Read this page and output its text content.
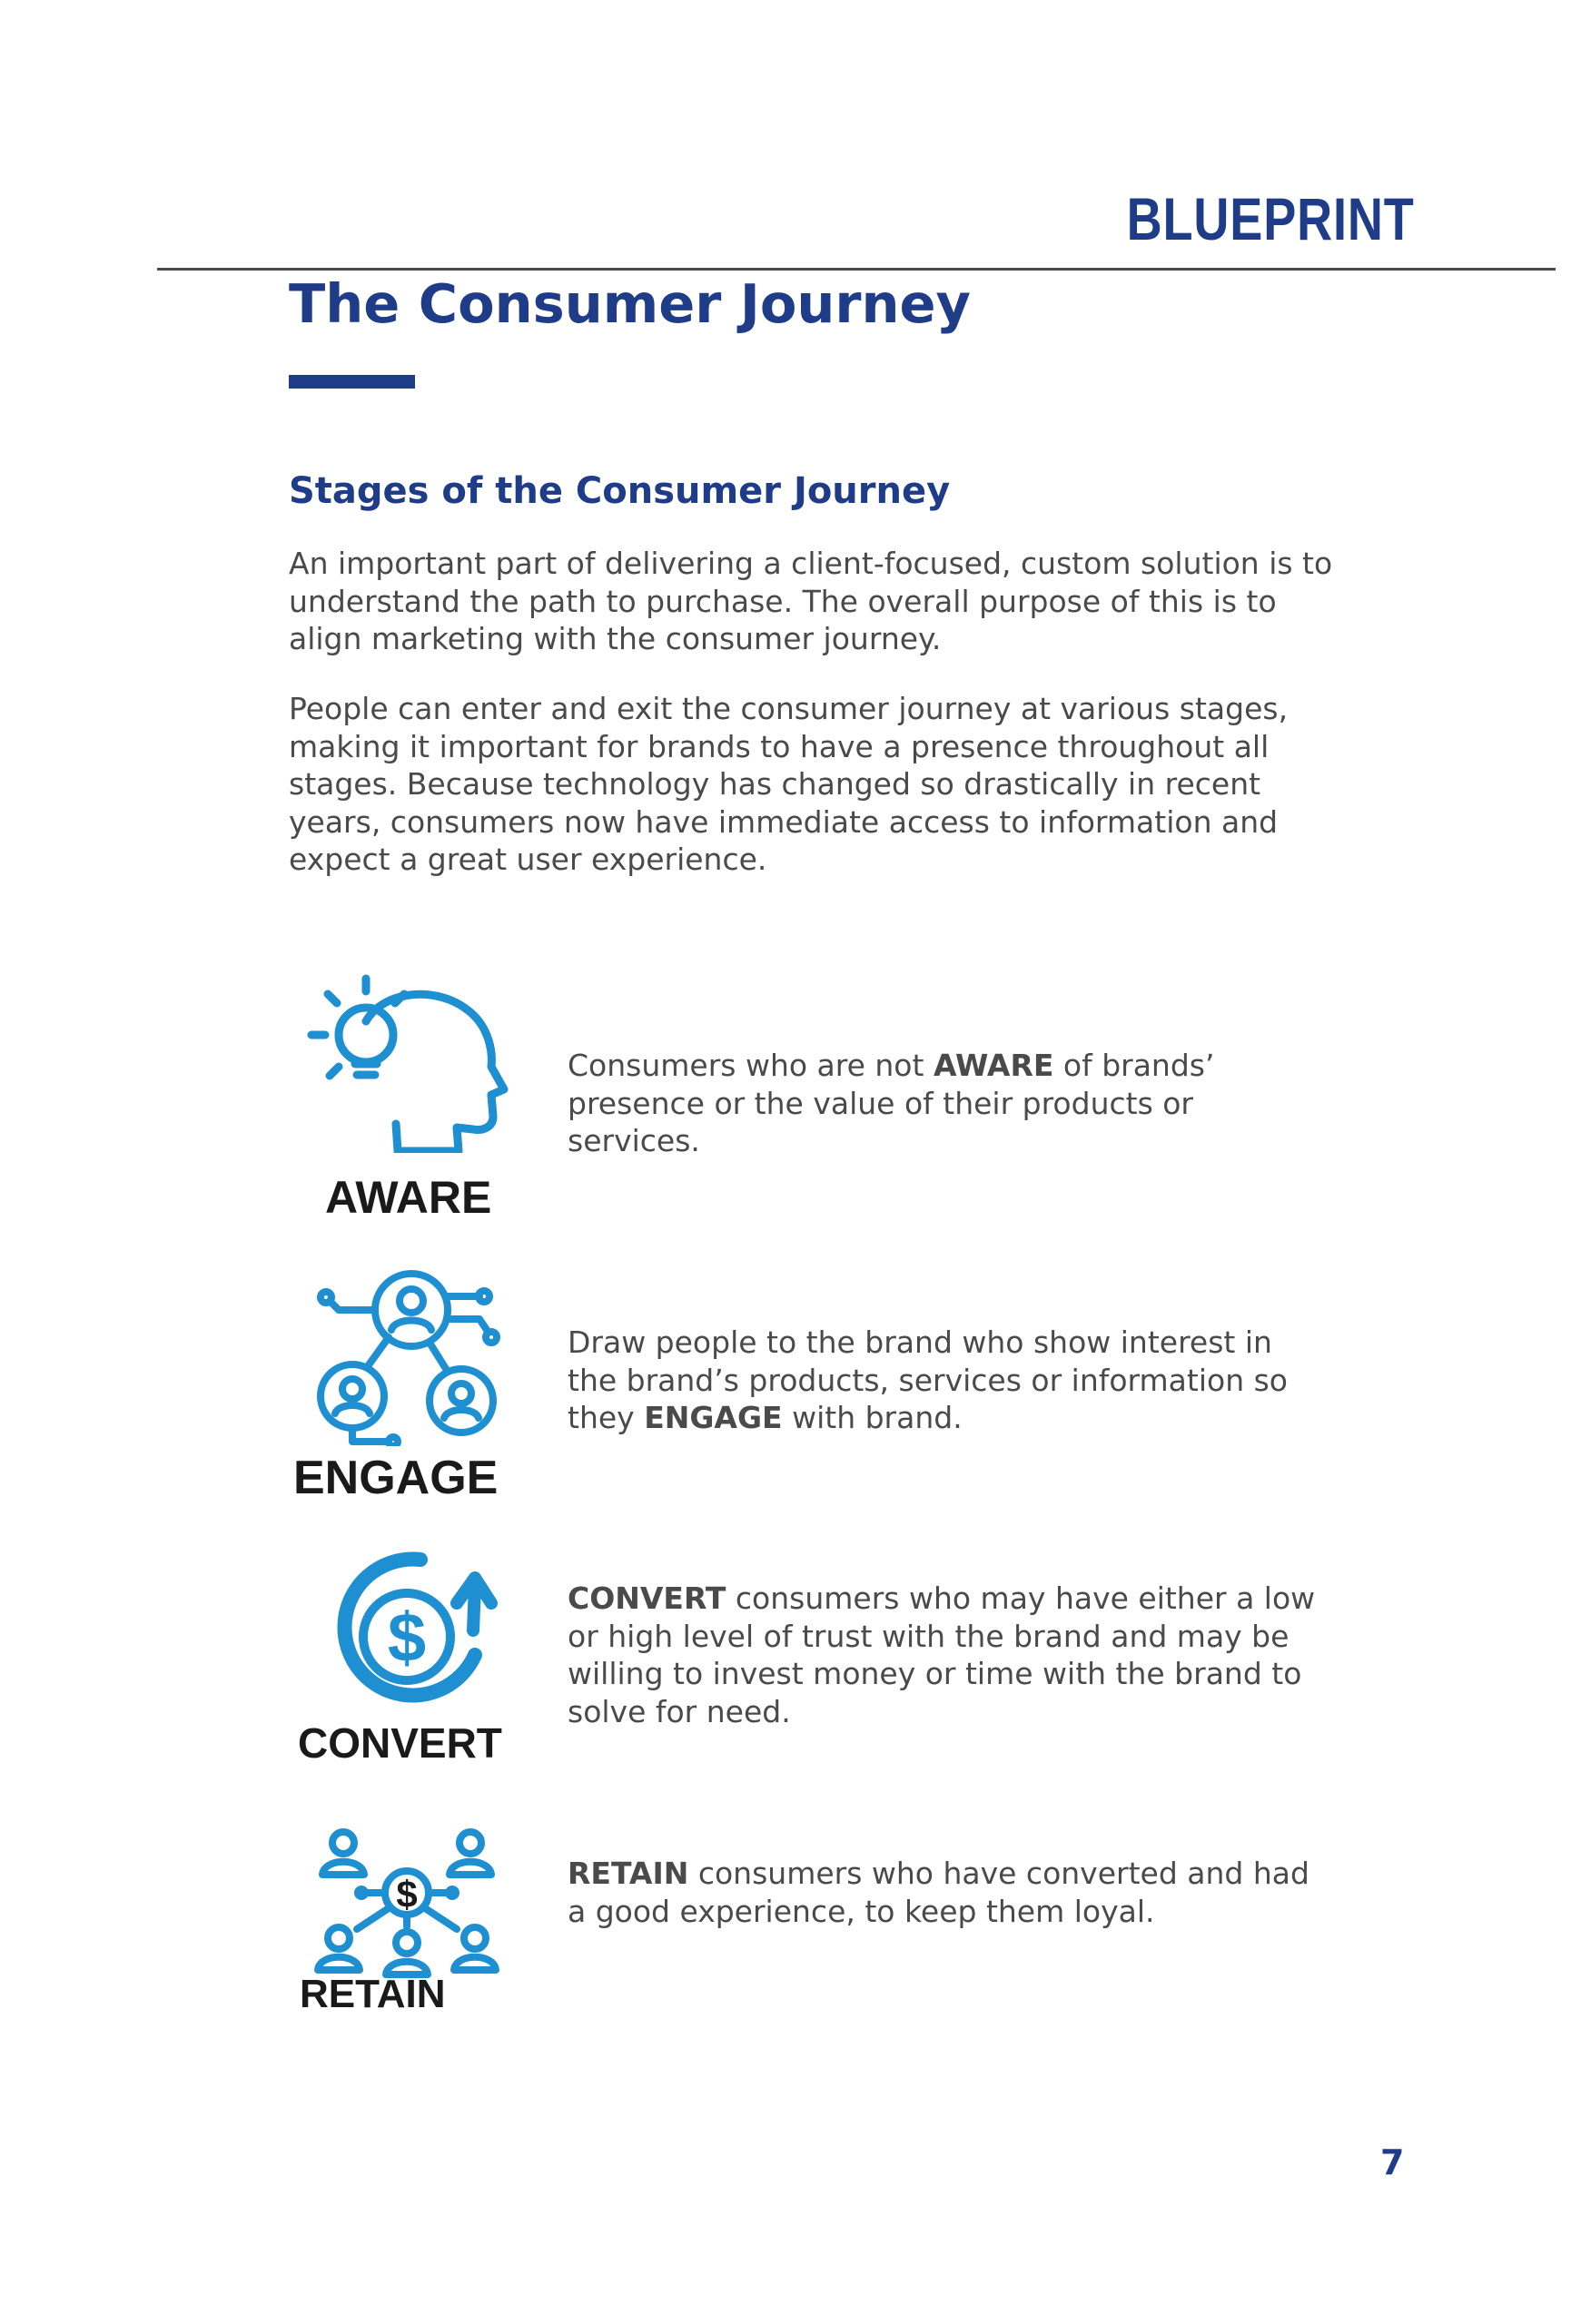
BLUEPRINT
The Consumer Journey
Stages of the Consumer Journey

An important part of delivering a client-focused, custom solution is to understand the path to purchase. The overall purpose of this is to align marketing with the consumer journey.

People can enter and exit the consumer journey at various stages, making it important for brands to have a presence throughout all stages. Because technology has changed so drastically in recent years, consumers now have immediate access to information and expect a great user experience.

AWARE

Consumers who are not AWARE of brands’ presence or the value of their products or services.

ENGAGE

Draw people to the brand who show interest in the brand’s products, services or information so they ENGAGE with brand.

$
CONVERT

CONVERT consumers who may have either a low or high level of trust with the brand and may be willing to invest money or time with the brand to solve for need.

$
RETAIN

RETAIN consumers who have converted and had a good experience, to keep them loyal.

7
